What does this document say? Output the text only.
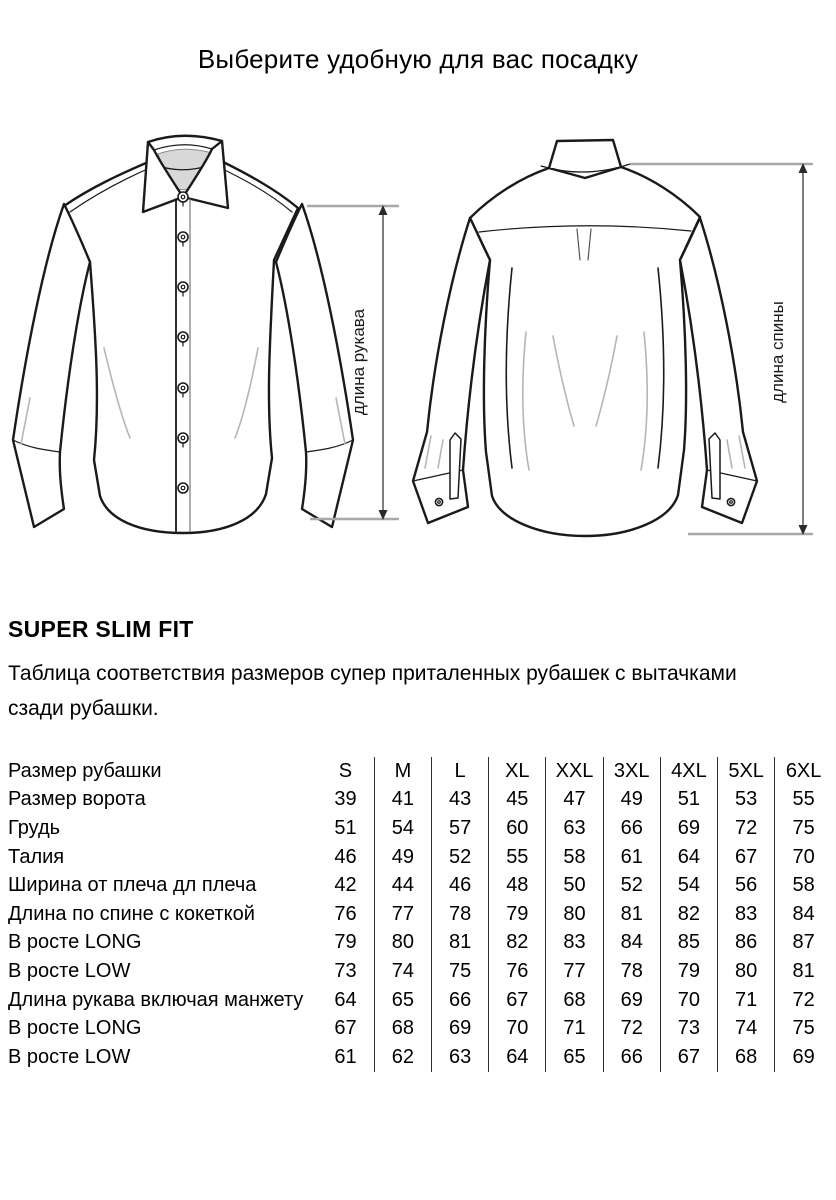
Выберите удобную для вас посадку
длина рукава	длина спины
SUPER SLIM FIT
Таблица соответствия размеров супер приталенных рубашек с вытачками
сзади рубашки.
Размер рубашки	S	M	L	XL	XXL	3XL	4XL	5XL	6XL
Размер ворота	39	41	43	45	47	49	51	53	55
Грудь	51	54	57	60	63	66	69	72	75
Талия	46	49	52	55	58	61	64	67	70
Ширина от плеча дл плеча	42	44	46	48	50	52	54	56	58
Длина по спине с кокеткой	76	77	78	79	80	81	82	83	84
В росте LONG	79	80	81	82	83	84	85	86	87
В росте LOW	73	74	75	76	77	78	79	80	81
Длина рукава включая манжету	64	65	66	67	68	69	70	71	72
В росте LONG	67	68	69	70	71	72	73	74	75
В росте LOW	61	62	63	64	65	66	67	68	69
